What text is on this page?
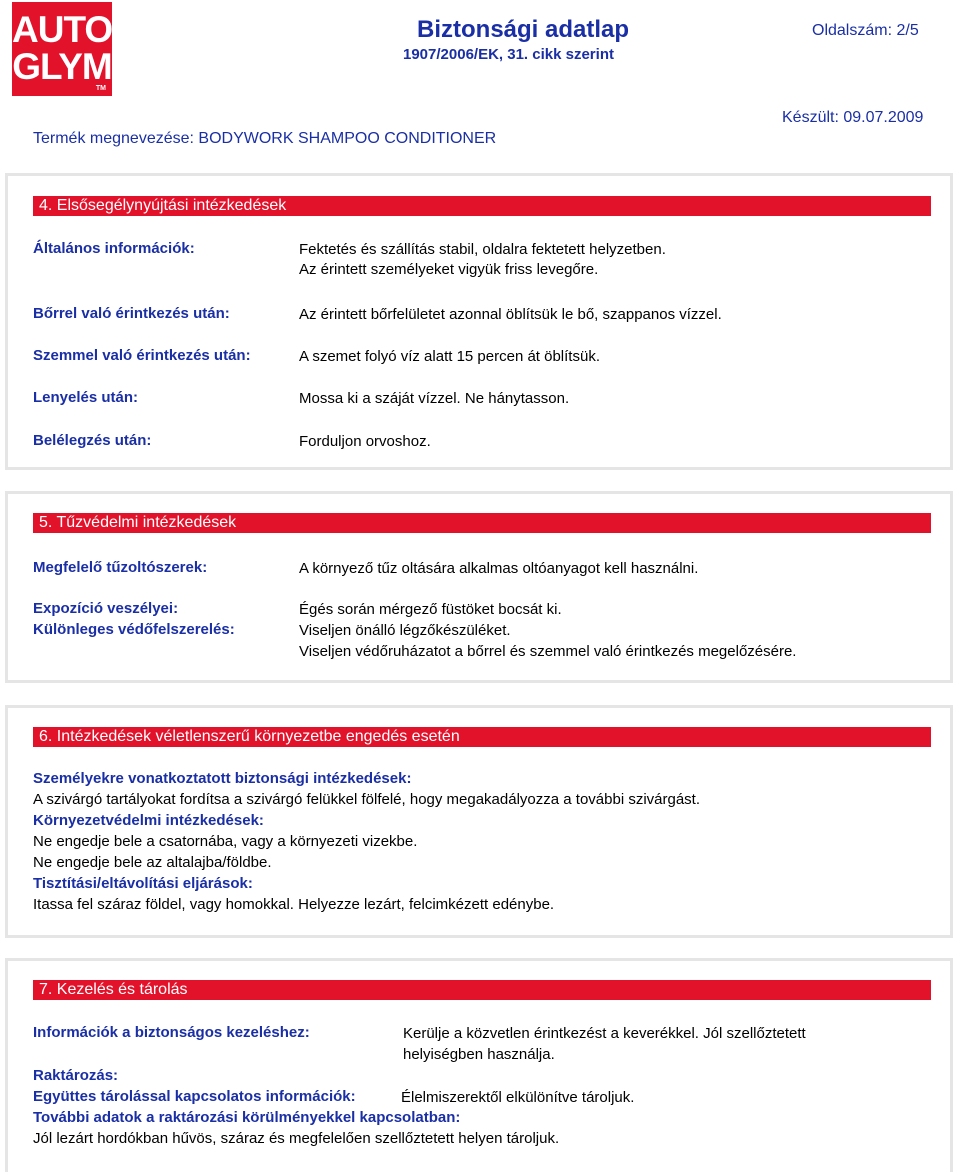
AUTO
GLYM
TM
Biztonsági adatlap
1907/2006/EK, 31. cikk szerint
Oldalszám: 2/5
Készült: 09.07.2009
Termék megnevezése: BODYWORK SHAMPOO CONDITIONER
4. Elsősegélynyújtási intézkedések
Általános információk:	Fektetés és szállítás stabil, oldalra fektetett helyzetben.
Az érintett személyeket vigyük friss levegőre.
Bőrrel való érintkezés után:	Az érintett bőrfelületet azonnal öblítsük le bő, szappanos vízzel.
Szemmel való érintkezés után:	A szemet folyó víz alatt 15 percen át öblítsük.
Lenyelés után:	Mossa ki a száját vízzel. Ne hánytasson.
Belélegzés után:	Forduljon orvoshoz.
5. Tűzvédelmi intézkedések
Megfelelő tűzoltószerek:	A környező tűz oltására alkalmas oltóanyagot kell használni.
Expozíció veszélyei:	Égés során mérgező füstöket bocsát ki.
Különleges védőfelszerelés:	Viseljen önálló légzőkészüléket.
Viseljen védőruházatot a bőrrel és szemmel való érintkezés megelőzésére.
6. Intézkedések véletlenszerű környezetbe engedés esetén
Személyekre vonatkoztatott biztonsági intézkedések:
A szivárgó tartályokat fordítsa a szivárgó felükkel fölfelé, hogy megakadályozza a további szivárgást.
Környezetvédelmi intézkedések:
Ne engedje bele a csatornába, vagy a környezeti vizekbe.
Ne engedje bele az altalajba/földbe.
Tisztítási/eltávolítási eljárások:
Itassa fel száraz földel, vagy homokkal. Helyezze lezárt, felcimkézett edénybe.
7. Kezelés és tárolás
Információk a biztonságos kezeléshez:	Kerülje a közvetlen érintkezést a keverékkel. Jól szellőztetett
helyiségben használja.
Raktározás:
Együttes tárolással kapcsolatos információk:	Élelmiszerektől elkülönítve tároljuk.
További adatok a raktározási körülményekkel kapcsolatban:
Jól lezárt hordókban hűvös, száraz és megfelelően szellőztetett helyen tároljuk.
